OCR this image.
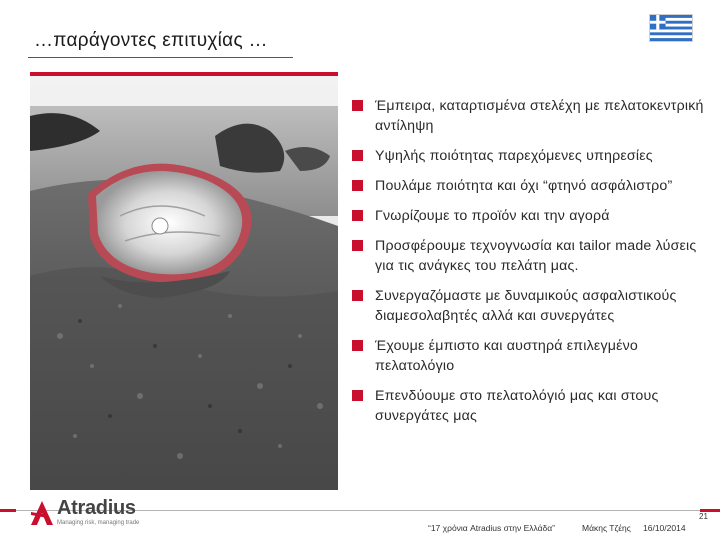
…παράγοντες επιτυχίας …
Έμπειρα, καταρτισμένα στελέχη με πελατοκεντρική αντίληψη
Υψηλής ποιότητας παρεχόμενες υπηρεσίες
Πουλάμε ποιότητα και όχι “φτηνό ασφάλιστρο”
Γνωρίζουμε το προϊόν και την αγορά
Προσφέρουμε τεχνογνωσία και tailor made λύσεις για τις ανάγκες του πελάτη μας.
Συνεργαζόμαστε με δυναμικούς ασφαλιστικούς διαμεσολαβητές αλλά και συνεργάτες
Έχουμε έμπιστο και αυστηρά επιλεγμένο πελατολόγιο
Επενδύουμε στο πελατολόγιό μας και στους συνεργάτες μας
Atradius
Managing risk, managing trade
21
“17 χρόνια Atradius στην Ελλάδα”	Μάκης Τζέης 16/10/2014
